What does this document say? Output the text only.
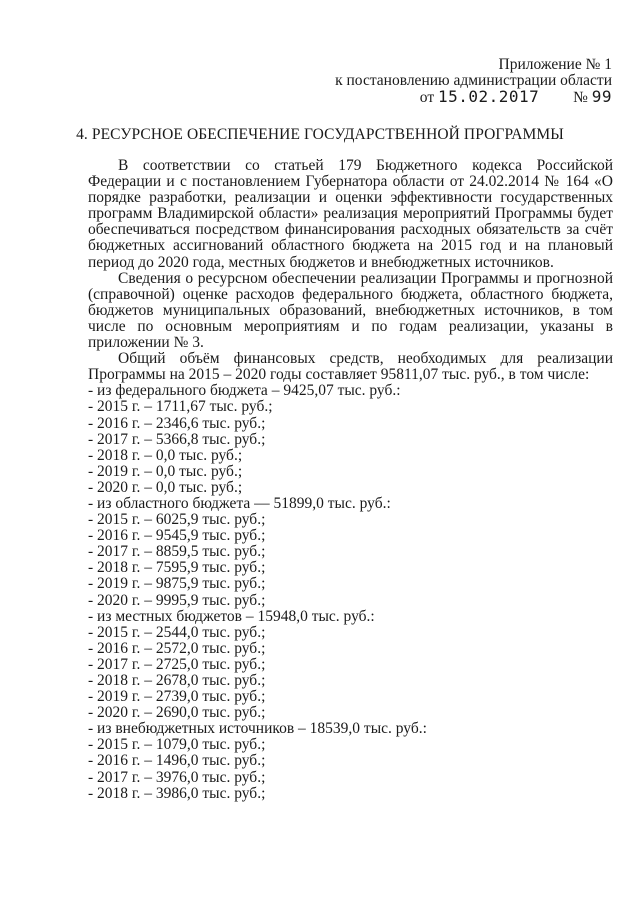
Приложение № 1
к постановлению администрации области
от 15.02.2017 № 99
4. РЕСУРСНОЕ ОБЕСПЕЧЕНИЕ ГОСУДАРСТВЕННОЙ ПРОГРАММЫ

В соответствии со статьей 179 Бюджетного кодекса Российской Федерации и с постановлением Губернатора области от 24.02.2014 № 164 «О порядке разработки, реализации и оценки эффективности государственных программ Владимирской области» реализация мероприятий Программы будет обеспечиваться посредством финансирования расходных обязательств за счёт бюджетных ассигнований областного бюджета на 2015 год и на плановый период до 2020 года, местных бюджетов и внебюджетных источников.

Сведения о ресурсном обеспечении реализации Программы и прогнозной (справочной) оценке расходов федерального бюджета, областного бюджета, бюджетов муниципальных образований, внебюджетных источников, в том числе по основным мероприятиям и по годам реализации, указаны в приложении № 3.

Общий объём финансовых средств, необходимых для реализации Программы на 2015 – 2020 годы составляет 95811,07 тыс. руб., в том числе:

- из федерального бюджета – 9425,07 тыс. руб.:
- 2015 г. – 1711,67 тыс. руб.;
- 2016 г. – 2346,6 тыс. руб.;
- 2017 г. – 5366,8 тыс. руб.;
- 2018 г. – 0,0 тыс. руб.;
- 2019 г. – 0,0 тыс. руб.;
- 2020 г. – 0,0 тыс. руб.;
- из областного бюджета — 51899,0 тыс. руб.:
- 2015 г. – 6025,9 тыс. руб.;
- 2016 г. – 9545,9 тыс. руб.;
- 2017 г. – 8859,5 тыс. руб.;
- 2018 г. – 7595,9 тыс. руб.;
- 2019 г. – 9875,9 тыс. руб.;
- 2020 г. – 9995,9 тыс. руб.;
- из местных бюджетов – 15948,0 тыс. руб.:
- 2015 г. – 2544,0 тыс. руб.;
- 2016 г. – 2572,0 тыс. руб.;
- 2017 г. – 2725,0 тыс. руб.;
- 2018 г. – 2678,0 тыс. руб.;
- 2019 г. – 2739,0 тыс. руб.;
- 2020 г. – 2690,0 тыс. руб.;
- из внебюджетных источников – 18539,0 тыс. руб.:
- 2015 г. – 1079,0 тыс. руб.;
- 2016 г. – 1496,0 тыс. руб.;
- 2017 г. – 3976,0 тыс. руб.;
- 2018 г. – 3986,0 тыс. руб.;
